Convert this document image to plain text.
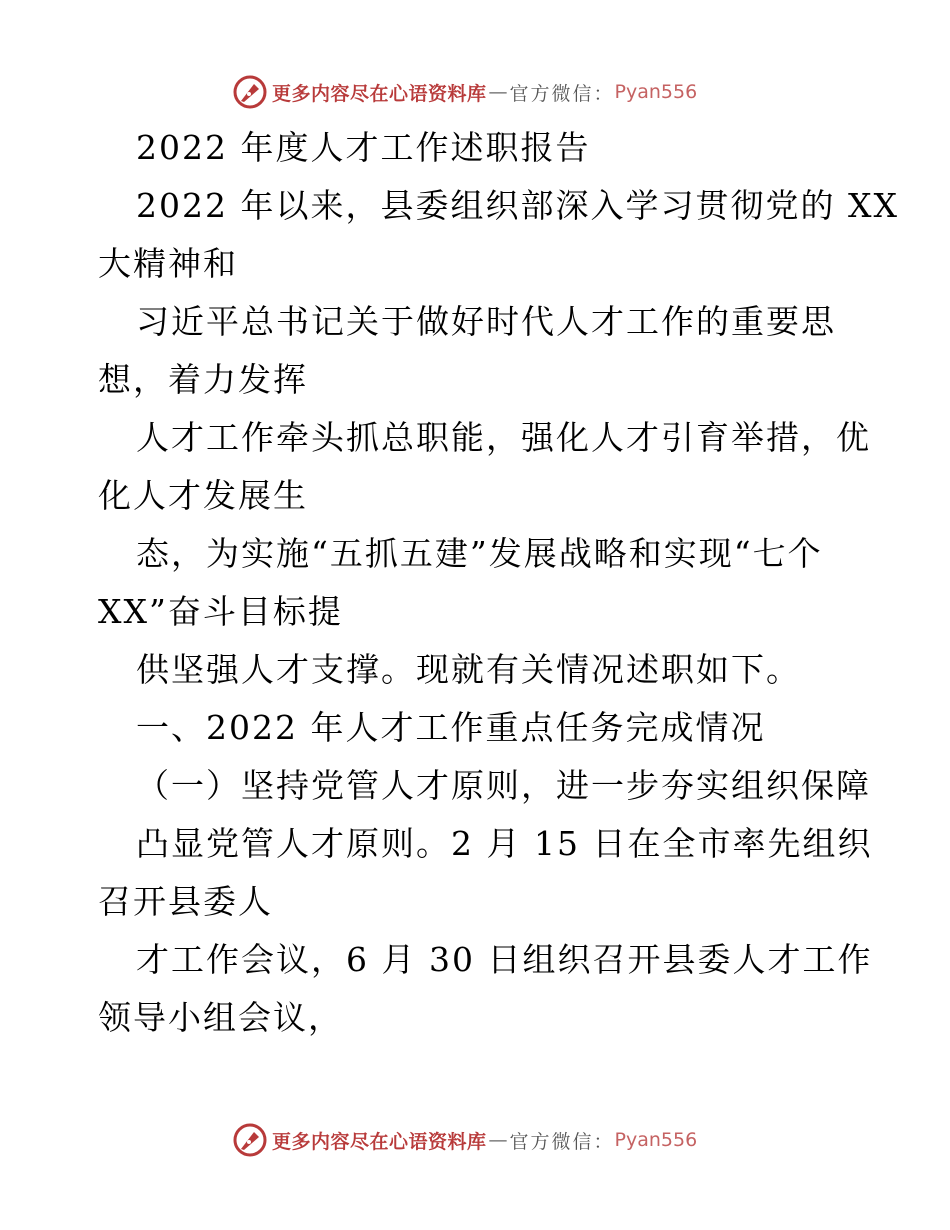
更多内容尽在心语资料库 — 官方微信： Pyan556
2022 年度人才工作述职报告
2022 年以来，县委组织部深入学习贯彻党的 XX
大精神和
习近平总书记关于做好时代人才工作的重要思
想，着力发挥
人才工作牵头抓总职能，强化人才引育举措，优
化人才发展生
态，为实施“五抓五建”发展战略和实现“七个
XX”奋斗目标提
供坚强人才支撑。现就有关情况述职如下。
一、2022 年人才工作重点任务完成情况
（一）坚持党管人才原则，进一步夯实组织保障
凸显党管人才原则。2 月 15 日在全市率先组织
召开县委人
才工作会议，6 月 30 日组织召开县委人才工作
领导小组会议，
更多内容尽在心语资料库 — 官方微信： Pyan556
